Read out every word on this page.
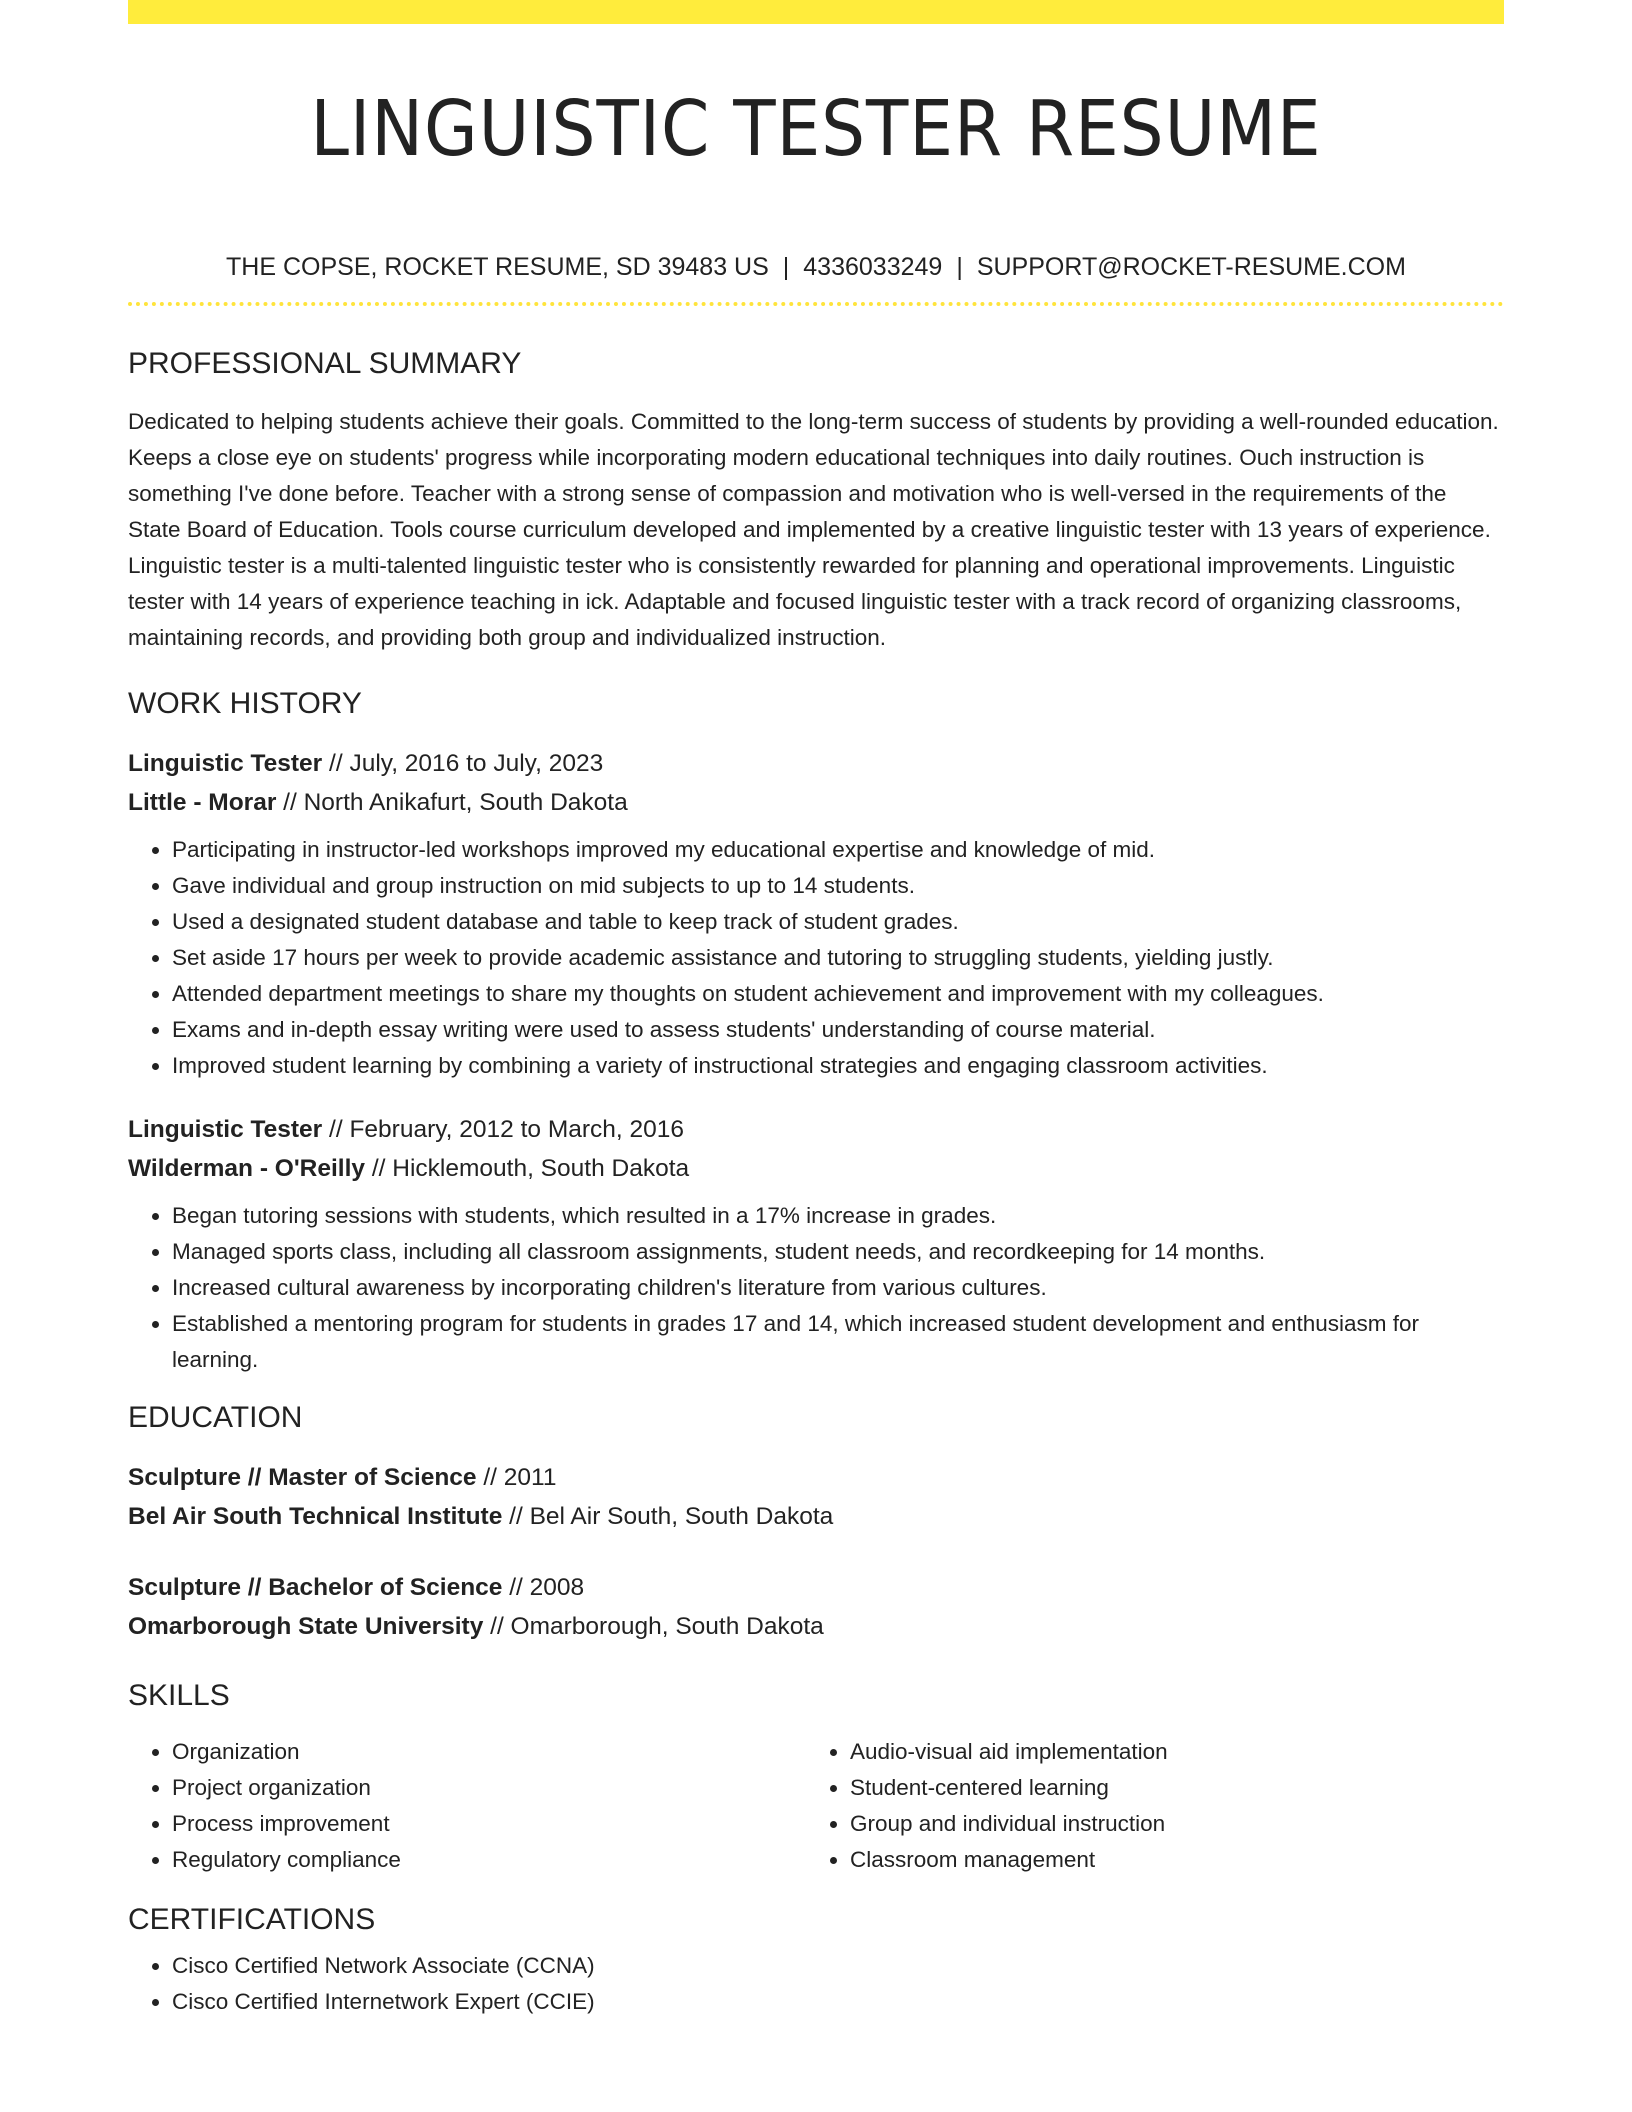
LINGUISTIC TESTER RESUME
THE COPSE, ROCKET RESUME, SD 39483 US | 4336033249 | SUPPORT@ROCKET-RESUME.COM
PROFESSIONAL SUMMARY
Dedicated to helping students achieve their goals. Committed to the long-term success of students by providing a well-rounded education. Keeps a close eye on students' progress while incorporating modern educational techniques into daily routines. Ouch instruction is something I've done before. Teacher with a strong sense of compassion and motivation who is well-versed in the requirements of the State Board of Education. Tools course curriculum developed and implemented by a creative linguistic tester with 13 years of experience. Linguistic tester is a multi-talented linguistic tester who is consistently rewarded for planning and operational improvements. Linguistic tester with 14 years of experience teaching in ick. Adaptable and focused linguistic tester with a track record of organizing classrooms, maintaining records, and providing both group and individualized instruction.
WORK HISTORY
Linguistic Tester // July, 2016 to July, 2023
Little - Morar // North Anikafurt, South Dakota
• Participating in instructor-led workshops improved my educational expertise and knowledge of mid.
• Gave individual and group instruction on mid subjects to up to 14 students.
• Used a designated student database and table to keep track of student grades.
• Set aside 17 hours per week to provide academic assistance and tutoring to struggling students, yielding justly.
• Attended department meetings to share my thoughts on student achievement and improvement with my colleagues.
• Exams and in-depth essay writing were used to assess students' understanding of course material.
• Improved student learning by combining a variety of instructional strategies and engaging classroom activities.
Linguistic Tester // February, 2012 to March, 2016
Wilderman - O'Reilly // Hicklemouth, South Dakota
• Began tutoring sessions with students, which resulted in a 17% increase in grades.
• Managed sports class, including all classroom assignments, student needs, and recordkeeping for 14 months.
• Increased cultural awareness by incorporating children's literature from various cultures.
• Established a mentoring program for students in grades 17 and 14, which increased student development and enthusiasm for learning.
EDUCATION
Sculpture // Master of Science // 2011
Bel Air South Technical Institute // Bel Air South, South Dakota
Sculpture // Bachelor of Science // 2008
Omarborough State University // Omarborough, South Dakota
SKILLS
• Organization
• Project organization
• Process improvement
• Regulatory compliance
• Audio-visual aid implementation
• Student-centered learning
• Group and individual instruction
• Classroom management
CERTIFICATIONS
• Cisco Certified Network Associate (CCNA)
• Cisco Certified Internetwork Expert (CCIE)
